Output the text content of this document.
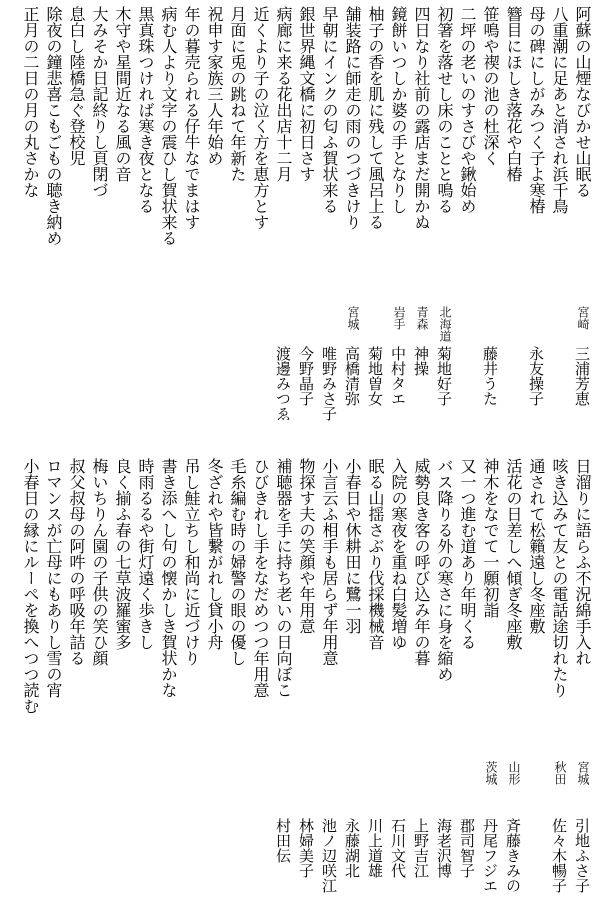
阿蘇の山煙なびかせ山眠る
宮崎
三浦芳恵
八重潮に足あと消され浜千鳥
母の碑にしがみつく子よ寒椿
永友操子
簪目にほしき落花や白椿
笹鳴や禊の池の杜深く
藤井うた
二坪の老いのすさびや鍬始め
初箸を落せし床のことと鳴る
北海道
菊地好子
四日なり社前の露店まだ開かぬ
青森
神操
鏡餅いつしか婆の手となりし
岩手
中村タエ
柚子の香を肌に残して風呂上る
菊地曽女
舗装路に師走の雨のつづきけり
宮城
高橋清弥
早朝にインクの匂ふ賀状来る
唯野みさ子
銀世界縄文橋に初日さす
今野晶子
病廊に来る花出店十二月
渡邊みつゑ
近くより子の泣く方を恵方とす
月面に兎の跳ねて年新た
祝申す家族三人年始め
年の暮売られる仔牛なでまはす
病む人より文字の震ひし賀状来る
黒真珠つければ寒き夜となる
木守や星間近なる風の音
大みそか日記終りし頁閉づ
息白し陸橋急ぐ登校児
除夜の鐘悲喜こもごもの聴き納め
正月の二日の月の丸さかな
日溜りに語らふ不況綿手入れ
宮城
引地ふさ子
咳き込みて友との電話途切れたり
秋田
佐々木暢子
通されて松籟遠し冬座敷
活花の日差しへ傾ぎ冬座敷
山形
斉藤きみの
神木をなでて一願初詣
茨城
丹尾フジエ
又一つ進む道あり年明くる
郡司智子
バス降りる外の寒さに身を縮め
海老沢博
威勢良き客の呼び込み年の暮
上野吉江
入院の寒夜を重ね白髪増ゆ
石川文代
眠る山揺さぶり伐採機械音
川上道雄
小春日や休耕田に鷺一羽
永藤湖北
小言云ふ相手も居らず年用意
池ノ辺咲江
物探す夫の笑顔や年用意
林婦美子
補聴器を手に持ち老いの日向ぼこ
村田伝
ひびきれし手をなだめつつ年用意
毛糸編む時の婦警の眼の優し
冬ざれや皆繋がれし貸小舟
吊し鮭立ちし和尚に近づけり
書き添へし句の懐かしき賀状かな
時雨るるや街灯遠く歩きし
良く揃ふ春の七草波羅蜜多
梅いちりん園の子供の笑ひ顔
叔父叔母の阿吽の呼吸年詰る
ロマンスが亡母にもありし雪の宵
小春日の縁にルーペを換へつつ読む
